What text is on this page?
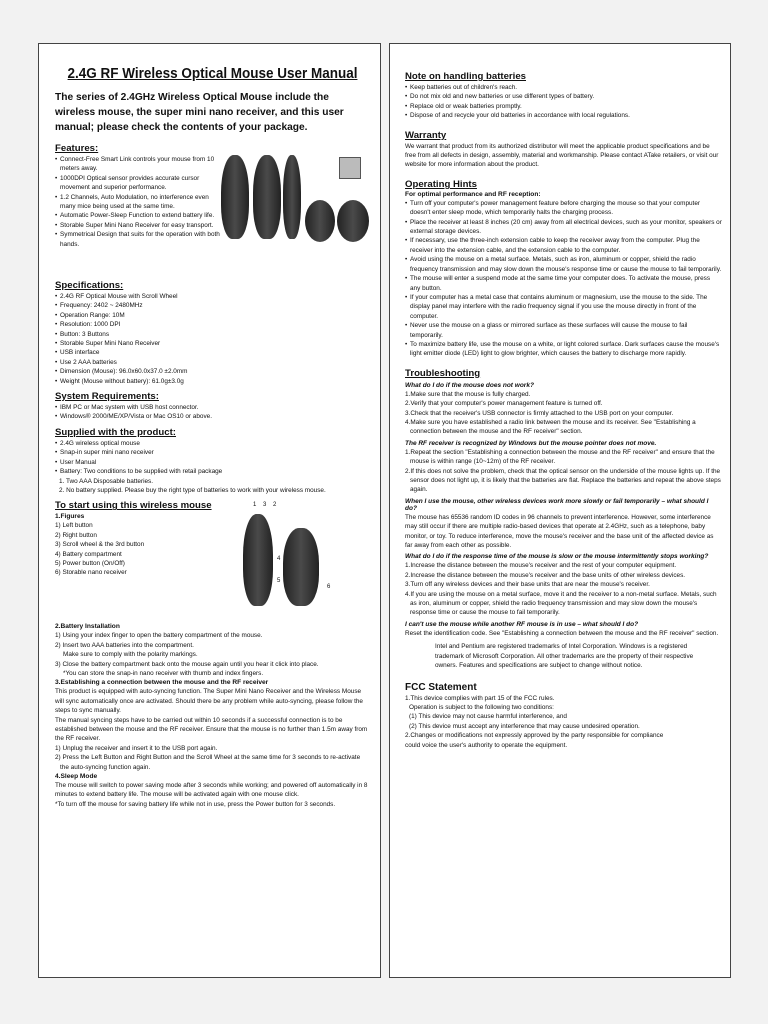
2.4G RF Wireless Optical Mouse User Manual

The series of 2.4GHz Wireless Optical Mouse include the wireless mouse, the super mini nano receiver, and this user manual; please check the contents of your package.

Features:
• Connect-Free Smart Link controls your mouse from 10 meters away.
• 1000DPI Optical sensor provides accurate cursor movement and superior performance.
• 1.2 Channels, Auto Modulation, no interference even many mice being used at the same time.
• Automatic Power-Sleep Function to extend battery life.
• Storable Super Mini Nano Receiver for easy transport.
• Symmetrical Design that suits for the operation with both hands.
Specifications:
• 2.4G RF Optical Mouse with Scroll Wheel
• Frequency: 2402 ~ 2480MHz
• Operation Range: 10M
• Resolution: 1000 DPI
• Button: 3 Buttons
• Storable Super Mini Nano Receiver
• USB interface
• Use 2 AAA batteries
• Dimension (Mouse): 96.0x60.0x37.0 ±2.0mm
• Weight (Mouse without battery): 61.0g±3.0g
System Requirements:
• IBM PC or Mac system with USB host connector.
• Windows® 2000/ME/XP/Vista or Mac OS10 or above.
Supplied with the product:
• 2.4G wireless optical mouse
• Snap-in super mini nano receiver
• User Manual
• Battery: Two conditions to be supplied with retail package
1. Two AAA Disposable batteries.
2. No battery supplied. Please buy the right type of batteries to work with your wireless mouse.
To start using this wireless mouse
1.Figures
1) Left button
2) Right button
3) Scroll wheel & the 3rd button
4) Battery compartment
5) Power button (On/Off)
6) Storable nano receiver
1 3 2
4
5
6
2.Battery Installation
1) Using your index finger to open the battery compartment of the mouse.
2) Insert two AAA batteries into the compartment.
Make sure to comply with the polarity markings.
3) Close the battery compartment back onto the mouse again until you hear it click into place.
*You can store the snap-in nano receiver with thumb and index fingers.
3.Establishing a connection between the mouse and the RF receiver
This product is equipped with auto-syncing function. The Super Mini Nano Receiver and the Wireless Mouse will sync automatically once are activated. Should there be any problem while auto-syncing, please follow the steps to sync manually.
The manual syncing steps have to be carried out within 10 seconds if a successful connection is to be established between the mouse and the RF receiver. Ensure that the mouse is no further than 1.5m away from the RF receiver.
1) Unplug the receiver and insert it to the USB port again.
2) Press the Left Button and Right Button and the Scroll Wheel at the same time for 3 seconds to re-activate the auto-syncing function again.
4.Sleep Mode
The mouse will switch to power saving mode after 3 seconds while working; and powered off automatically in 8 minutes to extend battery life. The mouse will be activated again with one mouse click.
*To turn off the mouse for saving battery life while not in use, press the Power button for 3 seconds.
Note on handling batteries
• Keep batteries out of children's reach.
• Do not mix old and new batteries or use different types of battery.
• Replace old or weak batteries promptly.
• Dispose of and recycle your old batteries in accordance with local regulations.
Warranty
We warrant that product from its authorized distributor will meet the applicable product specifications and be free from all defects in design, assembly, material and workmanship. Please contact ATake retailers, or visit our website for more information about the product.
Operating Hints
For optimal performance and RF reception:
• Turn off your computer's power management feature before charging the mouse so that your computer doesn't enter sleep mode, which temporarily halts the charging process.
• Place the receiver at least 8 inches (20 cm) away from all electrical devices, such as your monitor, speakers or external storage devices.
• If necessary, use the three-inch extension cable to keep the receiver away from the computer. Plug the receiver into the extension cable, and the extension cable to the computer.
• Avoid using the mouse on a metal surface. Metals, such as iron, aluminum or copper, shield the radio frequency transmission and may slow down the mouse's response time or cause the mouse to fail temporarily.
• The mouse will enter a suspend mode at the same time your computer does. To activate the mouse, press any button.
• If your computer has a metal case that contains aluminum or magnesium, use the mouse to the side. The display panel may interfere with the radio frequency signal if you use the mouse directly in front of the computer.
• Never use the mouse on a glass or mirrored surface as these surfaces will cause the mouse to fail temporarily.
• To maximize battery life, use the mouse on a white, or light colored surface. Dark surfaces cause the mouse's light emitter diode (LED) light to glow brighter, which causes the battery to discharge more rapidly.
Troubleshooting
What do I do if the mouse does not work?
1.Make sure that the mouse is fully charged.
2.Verify that your computer's power management feature is turned off.
3.Check that the receiver's USB connector is firmly attached to the USB port on your computer.
4.Make sure you have established a radio link between the mouse and its receiver. See "Establishing a connection between the mouse and the RF receiver" section.
The RF receiver is recognized by Windows but the mouse pointer does not move.
1.Repeat the section "Establishing a connection between the mouse and the RF receiver" and ensure that the mouse is within range (10~12m) of the RF receiver.
2.If this does not solve the problem, check that the optical sensor on the underside of the mouse lights up. If the sensor does not light up, it is likely that the batteries are flat. Replace the batteries and repeat the above steps again.
When I use the mouse, other wireless devices work more slowly or fail temporarily – what should I do?
The mouse has 65536 random ID codes in 96 channels to prevent interference. However, some interference may still occur if there are multiple radio-based devices that operate at 2.4GHz, such as a telephone, baby monitor, or toy. To reduce interference, move the mouse's receiver and the base unit of the affected device as far away from each other as possible.
What do I do if the response time of the mouse is slow or the mouse intermittently stops working?
1.Increase the distance between the mouse's receiver and the rest of your computer equipment.
2.Increase the distance between the mouse's receiver and the base units of other wireless devices.
3.Turn off any wireless devices and their base units that are near the mouse's receiver.
4.If you are using the mouse on a metal surface, move it and the receiver to a non-metal surface. Metals, such as iron, aluminum or copper, shield the radio frequency transmission and may slow down the mouse's response time or cause the mouse to fail temporarily.
I can't use the mouse while another RF mouse is in use – what should I do?
Reset the identification code. See "Establishing a connection between the mouse and the RF receiver" section.
Intel and Pentium are registered trademarks of Intel Corporation. Windows is a registered trademark of Microsoft Corporation. All other trademarks are the property of their respective owners. Features and specifications are subject to change without notice.
FCC Statement
1.This device complies with part 15 of the FCC rules.
Operation is subject to the following two conditions:
(1) This device may not cause harmful interference, and
(2) This device must accept any interference that may cause undesired operation.
2.Changes or modifications not expressly approved by the party responsible for compliance
could voice the user's authority to operate the equipment.
